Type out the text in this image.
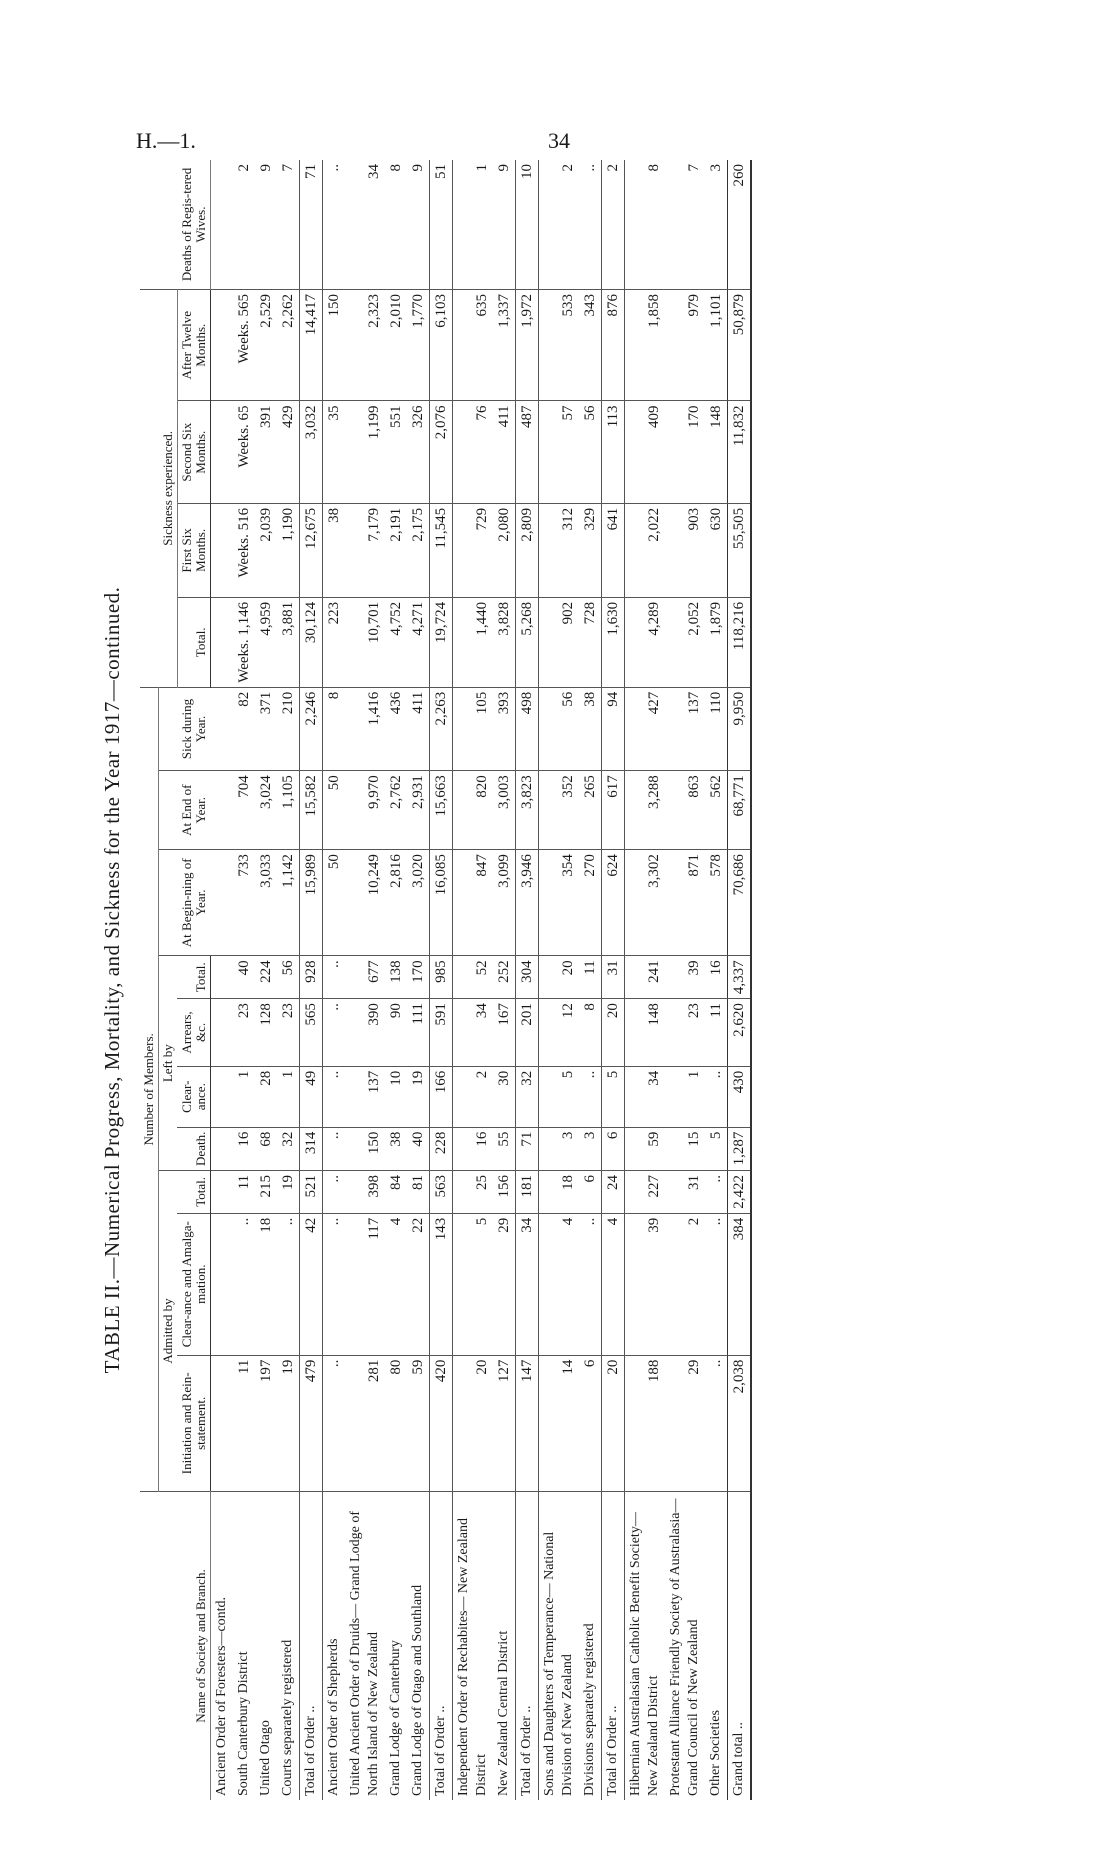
H.—1.	34
TABLE II.—Numerical Progress, Mortality, and Sickness for the Year 1917—continued.
Name of Society and Branch.	Number of Members.										Sickness experienced.				Deaths of Regis-tered Wives.
	Admitted by			Left by				At Begin-ning of Year.	At End of Year.	Sick during Year.					
	Initiation and Rein-statement.	Clear-ance and Amalga-mation.	Total.	Death.	Clear-ance.	Arrears, &c.	Total.				Total.	First Six Months.	Second Six Months.	After Twelve Months.	
Ancient Order of Foresters—contd.															
South Canterbury District	11	..	11	16	1	23	40	733	704	82	Weeks. 1,146	Weeks. 516	Weeks. 65	Weeks. 565	2
United Otago	197	18	215	68	28	128	224	3,033	3,024	371	4,959	2,039	391	2,529	9
Courts separately registered	19	..	19	32	1	23	56	1,142	1,105	210	3,881	1,190	429	2,262	7
Total of Order ..	479	42	521	314	49	565	928	15,989	15,582	2,246	30,124	12,675	3,032	14,417	71
Ancient Order of Shepherds	..	..	..	..	..	..	..	50	50	8	223	38	35	150	..
United Ancient Order of Druids— Grand Lodge of North Island of New Zealand	281	117	398	150	137	390	677	10,249	9,970	1,416	10,701	7,179	1,199	2,323	34
Grand Lodge of Canterbury	80	4	84	38	10	90	138	2,816	2,762	436	4,752	2,191	551	2,010	8
Grand Lodge of Otago and Southland	59	22	81	40	19	111	170	3,020	2,931	411	4,271	2,175	326	1,770	9
Total of Order ..	420	143	563	228	166	591	985	16,085	15,663	2,263	19,724	11,545	2,076	6,103	51
Independent Order of Rechabites— New Zealand District	20	5	25	16	2	34	52	847	820	105	1,440	729	76	635	1
New Zealand Central District	127	29	156	55	30	167	252	3,099	3,003	393	3,828	2,080	411	1,337	9
Total of Order ..	147	34	181	71	32	201	304	3,946	3,823	498	5,268	2,809	487	1,972	10
Sons and Daughters of Temperance— National Division of New Zealand	14	4	18	3	5	12	20	354	352	56	902	312	57	533	2
Divisions separately registered	6	..	6	3	..	8	11	270	265	38	728	329	56	343	..
Total of Order ..	20	4	24	6	5	20	31	624	617	94	1,630	641	113	876	2
Hibernian Australasian Catholic Benefit Society— New Zealand District	188	39	227	59	34	148	241	3,302	3,288	427	4,289	2,022	409	1,858	8
Protestant Alliance Friendly Society of Australasia— Grand Council of New Zealand	29	2	31	15	1	23	39	871	863	137	2,052	903	170	979	7
Other Societies	..	..	..	5	..	11	16	578	562	110	1,879	630	148	1,101	3
Grand total ..	2,038	384	2,422	1,287	430	2,620	4,337	70,686	68,771	9,950	118,216	55,505	11,832	50,879	260
